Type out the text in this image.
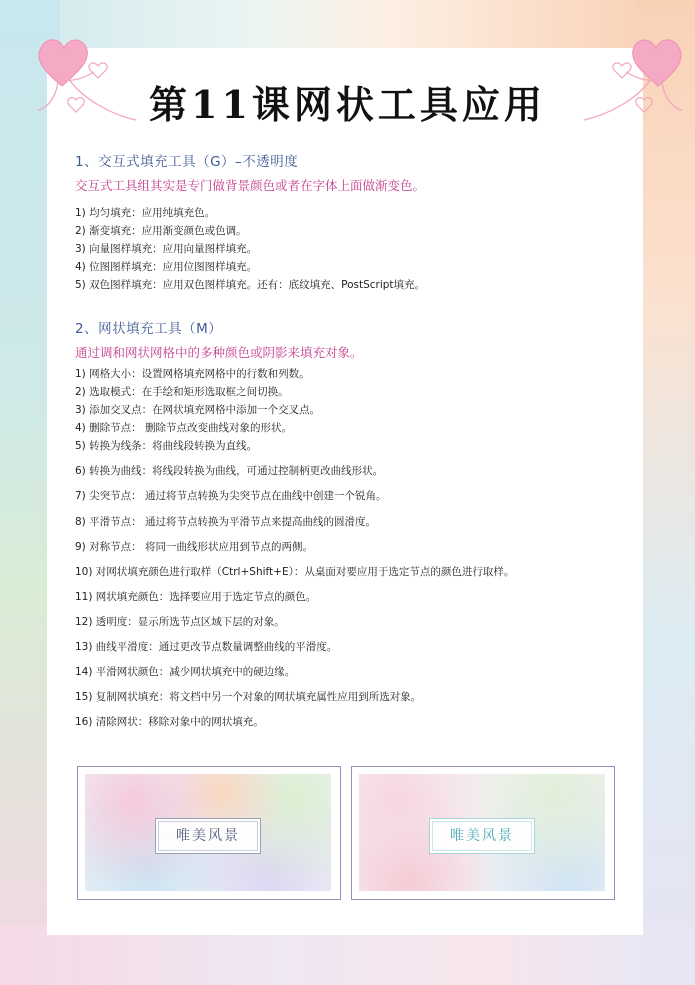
第11课网状工具应用
1、交互式填充工具（G）–不透明度
交互式工具组其实是专门做背景颜色或者在字体上面做渐变色。
1) 均匀填充：应用纯填充色。
2) 渐变填充：应用渐变颜色或色调。
3) 向量图样填充：应用向量图样填充。
4) 位图图样填充：应用位图图样填充。
5) 双色图样填充：应用双色图样填充。还有：底纹填充、PostScript填充。
2、网状填充工具（M）
通过调和网状网格中的多种颜色或阴影来填充对象。
1) 网格大小：设置网格填充网格中的行数和列数。
2) 选取模式：在手绘和矩形选取框之间切换。
3) 添加交叉点：在网状填充网格中添加一个交叉点。
4) 删除节点： 删除节点改变曲线对象的形状。
5) 转换为线条：将曲线段转换为直线。
6) 转换为曲线：将线段转换为曲线，可通过控制柄更改曲线形状。
7) 尖突节点： 通过将节点转换为尖突节点在曲线中创建一个锐角。
8) 平滑节点： 通过将节点转换为平滑节点来提高曲线的圆滑度。
9) 对称节点： 将同一曲线形状应用到节点的两侧。
10) 对网状填充颜色进行取样（Ctrl+Shift+E）：从桌面对要应用于选定节点的颜色进行取样。
11) 网状填充颜色：选择要应用于选定节点的颜色。
12) 透明度：显示所选节点区域下层的对象。
13) 曲线平滑度：通过更改节点数量调整曲线的平滑度。
14) 平滑网状颜色：减少网状填充中的硬边缘。
15) 复制网状填充：将文档中另一个对象的网状填充属性应用到所选对象。
16) 清除网状：移除对象中的网状填充。
唯美风景	唯美风景
